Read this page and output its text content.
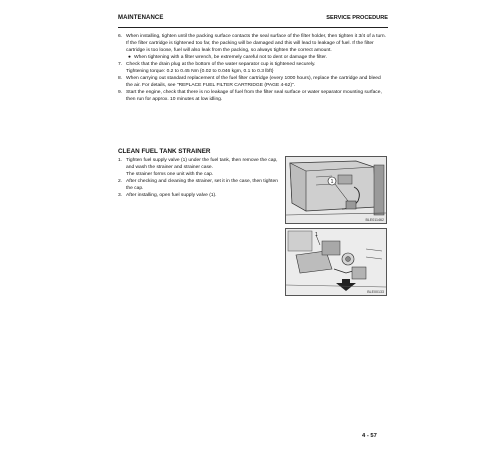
MAINTENANCE	SERVICE PROCEDURE
6. When installing, tighten until the packing surface contacts the seal surface of the filter holder, then tighten it 3/4 of a turn.
If the filter cartridge is tightened too far, the packing will be damaged and this will lead to leakage of fuel. If the filter cartridge is too loose, fuel will also leak from the packing, so always tighten the correct amount.
● When tightening with a filter wrench, be extremely careful not to dent or damage the filter.
7. Check that the drain plug at the bottom of the water separator cup is tightened securely.
Tightening torque: 0.2 to 0.45 Nm {0.02 to 0.046 kgm, 0.1 to 0.3 lbft}
8. When carrying out standard replacement of the fuel filter cartridge (every 1000 hours), replace the cartridge and bleed the air. For details, see "REPLACE FUEL FILTER CARTRIDGE (PAGE 4-62)".
9. Start the engine, check that there is no leakage of fuel from the filter seal surface or water separator mounting surface, then run for approx. 10 minutes at low idling.
CLEAN FUEL TANK STRAINER
1. Tighten fuel supply valve (1) under the fuel tank, then remove the cap, and wash the strainer and strainer case.
The strainer forms one unit with the cap.
2. After checking and cleaning the strainer, set it in the case, then tighten the cap.
3. After installing, open fuel supply valve (1).
1
BLE011462
1
BLE00133
4 - 57
